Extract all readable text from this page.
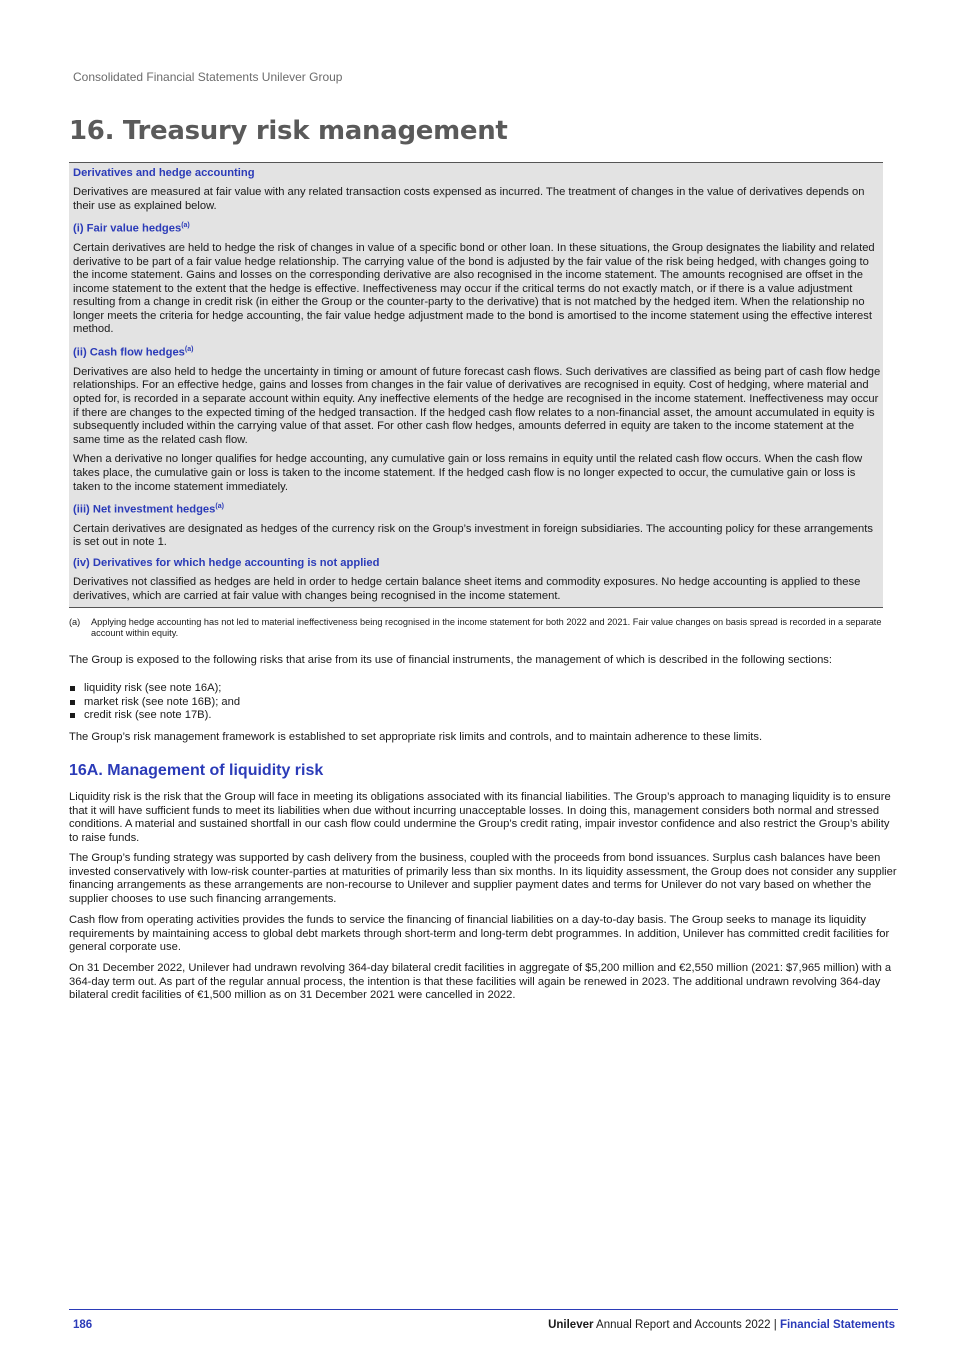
Consolidated Financial Statements Unilever Group
16. Treasury risk management

Derivatives and hedge accounting

Derivatives are measured at fair value with any related transaction costs expensed as incurred. The treatment of changes in the value of derivatives depends on their use as explained below.

(i) Fair value hedges$^{(a)}$

Certain derivatives are held to hedge the risk of changes in value of a specific bond or other loan. In these situations, the Group designates the liability and related derivative to be part of a fair value hedge relationship. The carrying value of the bond is adjusted by the fair value of the risk being hedged, with changes going to the income statement. Gains and losses on the corresponding derivative are also recognised in the income statement. The amounts recognised are offset in the income statement to the extent that the hedge is effective. Ineffectiveness may occur if the critical terms do not exactly match, or if there is a value adjustment resulting from a change in credit risk (in either the Group or the counter-party to the derivative) that is not matched by the hedged item. When the relationship no longer meets the criteria for hedge accounting, the fair value hedge adjustment made to the bond is amortised to the income statement using the effective interest method.

(ii) Cash flow hedges$^{(a)}$

Derivatives are also held to hedge the uncertainty in timing or amount of future forecast cash flows. Such derivatives are classified as being part of cash flow hedge relationships. For an effective hedge, gains and losses from changes in the fair value of derivatives are recognised in equity. Cost of hedging, where material and opted for, is recorded in a separate account within equity. Any ineffective elements of the hedge are recognised in the income statement. Ineffectiveness may occur if there are changes to the expected timing of the hedged transaction. If the hedged cash flow relates to a non-financial asset, the amount accumulated in equity is subsequently included within the carrying value of that asset. For other cash flow hedges, amounts deferred in equity are taken to the income statement at the same time as the related cash flow.

When a derivative no longer qualifies for hedge accounting, any cumulative gain or loss remains in equity until the related cash flow occurs. When the cash flow takes place, the cumulative gain or loss is taken to the income statement. If the hedged cash flow is no longer expected to occur, the cumulative gain or loss is taken to the income statement immediately.

(iii) Net investment hedges$^{(a)}$

Certain derivatives are designated as hedges of the currency risk on the Group’s investment in foreign subsidiaries. The accounting policy for these arrangements is set out in note 1.

(iv) Derivatives for which hedge accounting is not applied

Derivatives not classified as hedges are held in order to hedge certain balance sheet items and commodity exposures. No hedge accounting is applied to these derivatives, which are carried at fair value with changes being recognised in the income statement.

(a)	Applying hedge accounting has not led to material ineffectiveness being recognised in the income statement for both 2022 and 2021. Fair value changes on basis spread is recorded in a separate account within equity.

The Group is exposed to the following risks that arise from its use of financial instruments, the management of which is described in the following sections:

liquidity risk (see note 16A);
market risk (see note 16B); and
credit risk (see note 17B).

The Group’s risk management framework is established to set appropriate risk limits and controls, and to maintain adherence to these limits.

16A. Management of liquidity risk

Liquidity risk is the risk that the Group will face in meeting its obligations associated with its financial liabilities. The Group’s approach to managing liquidity is to ensure that it will have sufficient funds to meet its liabilities when due without incurring unacceptable losses. In doing this, management considers both normal and stressed conditions. A material and sustained shortfall in our cash flow could undermine the Group’s credit rating, impair investor confidence and also restrict the Group’s ability to raise funds.

The Group’s funding strategy was supported by cash delivery from the business, coupled with the proceeds from bond issuances. Surplus cash balances have been invested conservatively with low-risk counter-parties at maturities of primarily less than six months. In its liquidity assessment, the Group does not consider any supplier financing arrangements as these arrangements are non-recourse to Unilever and supplier payment dates and terms for Unilever do not vary based on whether the supplier chooses to use such financing arrangements.

Cash flow from operating activities provides the funds to service the financing of financial liabilities on a day-to-day basis. The Group seeks to manage its liquidity requirements by maintaining access to global debt markets through short-term and long-term debt programmes. In addition, Unilever has committed credit facilities for general corporate use.

On 31 December 2022, Unilever had undrawn revolving 364-day bilateral credit facilities in aggregate of $5,200 million and €2,550 million (2021: $7,965 million) with a 364-day term out. As part of the regular annual process, the intention is that these facilities will again be renewed in 2023. The additional undrawn revolving 364-day bilateral credit facilities of €1,500 million as on 31 December 2021 were cancelled in 2022.

186	Unilever Annual Report and Accounts 2022 | Financial Statements
